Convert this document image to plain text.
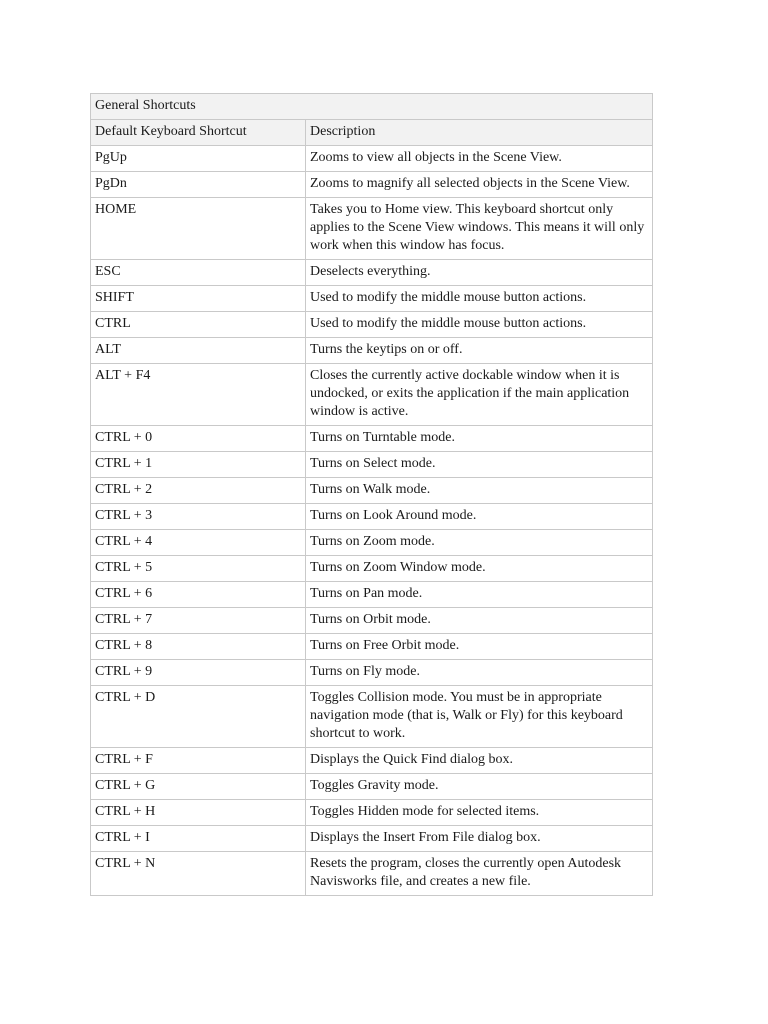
General Shortcuts	
Default Keyboard Shortcut	Description
PgUp	Zooms to view all objects in the Scene View.
PgDn	Zooms to magnify all selected objects in the Scene View.
HOME	Takes you to Home view. This keyboard shortcut only applies to the Scene View windows. This means it will only work when this window has focus.
ESC	Deselects everything.
SHIFT	Used to modify the middle mouse button actions.
CTRL	Used to modify the middle mouse button actions.
ALT	Turns the keytips on or off.
ALT + F4	Closes the currently active dockable window when it is undocked, or exits the application if the main application window is active.
CTRL + 0	Turns on Turntable mode.
CTRL + 1	Turns on Select mode.
CTRL + 2	Turns on Walk mode.
CTRL + 3	Turns on Look Around mode.
CTRL + 4	Turns on Zoom mode.
CTRL + 5	Turns on Zoom Window mode.
CTRL + 6	Turns on Pan mode.
CTRL + 7	Turns on Orbit mode.
CTRL + 8	Turns on Free Orbit mode.
CTRL + 9	Turns on Fly mode.
CTRL + D	Toggles Collision mode. You must be in appropriate navigation mode (that is, Walk or Fly) for this keyboard shortcut to work.
CTRL + F	Displays the Quick Find dialog box.
CTRL + G	Toggles Gravity mode.
CTRL + H	Toggles Hidden mode for selected items.
CTRL + I	Displays the Insert From File dialog box.
CTRL + N	Resets the program, closes the currently open Autodesk Navisworks file, and creates a new file.
